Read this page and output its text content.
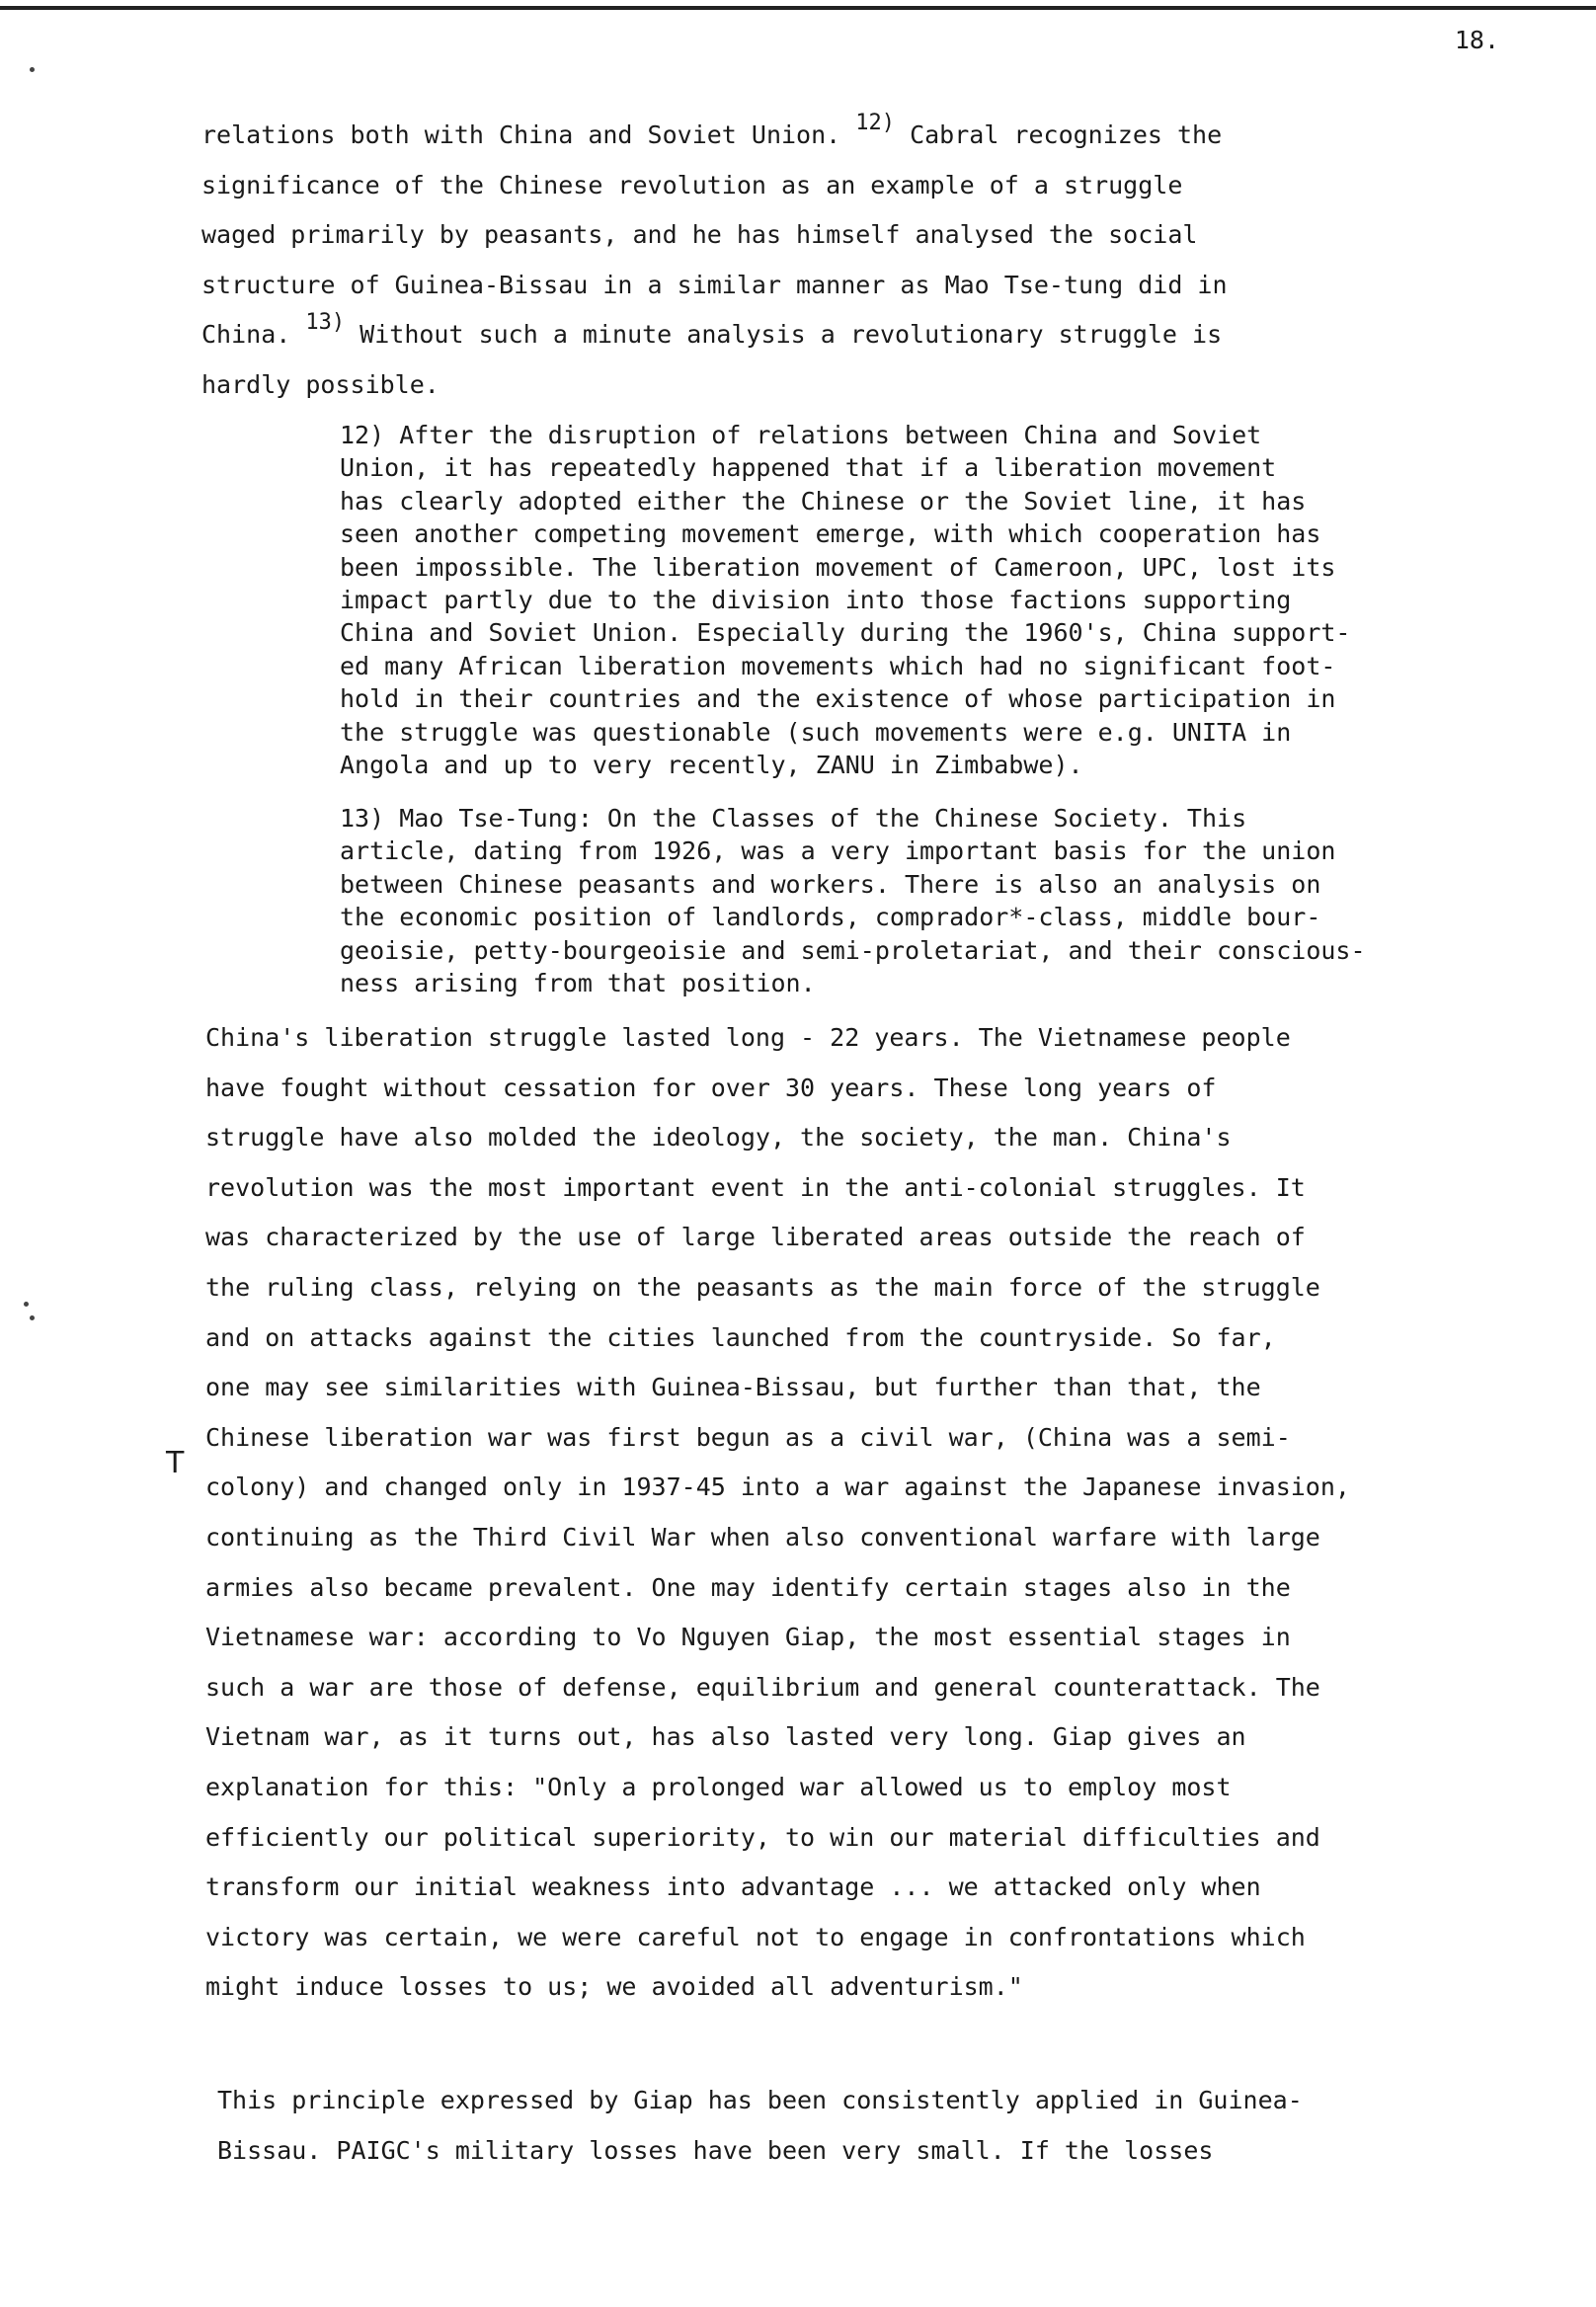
18.
T
relations both with China and Soviet Union. 12) Cabral recognizes the
significance of the Chinese revolution as an example of a struggle
waged primarily by peasants, and he has himself analysed the social
structure of Guinea-Bissau in a similar manner as Mao Tse-tung did in
China. 13) Without such a minute analysis a revolutionary struggle is
hardly possible.
12) After the disruption of relations between China and Soviet
Union, it has repeatedly happened that if a liberation movement
has clearly adopted either the Chinese or the Soviet line, it has
seen another competing movement emerge, with which cooperation has
been impossible. The liberation movement of Cameroon, UPC, lost its
impact partly due to the division into those factions supporting
China and Soviet Union. Especially during the 1960's, China support-
ed many African liberation movements which had no significant foot-
hold in their countries and the existence of whose participation in
the struggle was questionable (such movements were e.g. UNITA in
Angola and up to very recently, ZANU in Zimbabwe).
13) Mao Tse-Tung: On the Classes of the Chinese Society. This
article, dating from 1926, was a very important basis for the union
between Chinese peasants and workers. There is also an analysis on
the economic position of landlords, comprador*-class, middle bour-
geoisie, petty-bourgeoisie and semi-proletariat, and their conscious-
ness arising from that position.
China's liberation struggle lasted long - 22 years. The Vietnamese people
have fought without cessation for over 30 years. These long years of
struggle have also molded the ideology, the society, the man. China's
revolution was the most important event in the anti-colonial struggles. It
was characterized by the use of large liberated areas outside the reach of
the ruling class, relying on the peasants as the main force of the struggle
and on attacks against the cities launched from the countryside. So far,
one may see similarities with Guinea-Bissau, but further than that, the
Chinese liberation war was first begun as a civil war, (China was a semi-
colony) and changed only in 1937-45 into a war against the Japanese invasion,
continuing as the Third Civil War when also conventional warfare with large
armies also became prevalent. One may identify certain stages also in the
Vietnamese war: according to Vo Nguyen Giap, the most essential stages in
such a war are those of defense, equilibrium and general counterattack. The
Vietnam war, as it turns out, has also lasted very long. Giap gives an
explanation for this: "Only a prolonged war allowed us to employ most
efficiently our political superiority, to win our material difficulties and
transform our initial weakness into advantage ... we attacked only when
victory was certain, we were careful not to engage in confrontations which
might induce losses to us; we avoided all adventurism."
This principle expressed by Giap has been consistently applied in Guinea-
Bissau. PAIGC's military losses have been very small. If the losses
